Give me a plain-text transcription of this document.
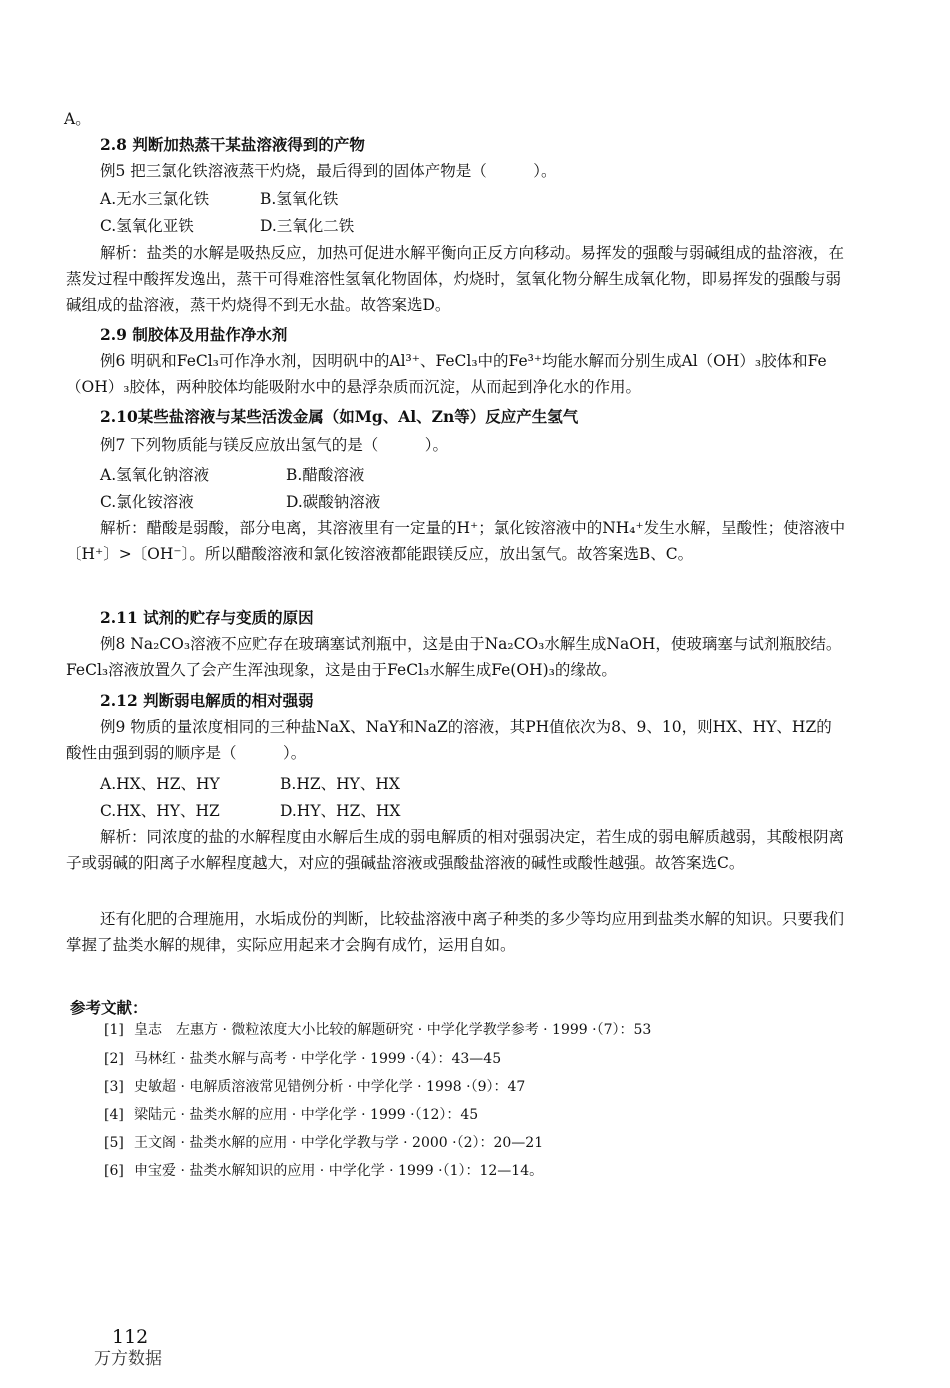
A。
2.8 判断加热蒸干某盐溶液得到的产物
例5 把三氯化铁溶液蒸干灼烧，最后得到的固体产物是（　　　）。
A.无水三氯化铁	B.氢氧化铁
C.氢氧化亚铁	D.三氧化二铁
解析：盐类的水解是吸热反应，加热可促进水解平衡向正反方向移动。易挥发的强酸与弱碱组成的盐溶液，在蒸发过程中酸挥发逸出，蒸干可得难溶性氢氧化物固体，灼烧时，氢氧化物分解生成氧化物，即易挥发的强酸与弱碱组成的盐溶液，蒸干灼烧得不到无水盐。故答案选D。
2.9 制胶体及用盐作净水剂
例6 明矾和FeCl₃可作净水剂，因明矾中的Al³⁺、FeCl₃中的Fe³⁺均能水解而分别生成Al（OH）₃胶体和Fe（OH）₃胶体，两种胶体均能吸附水中的悬浮杂质而沉淀，从而起到净化水的作用。
2.10某些盐溶液与某些活泼金属（如Mg、Al、Zn等）反应产生氢气
例7 下列物质能与镁反应放出氢气的是（　　　）。
A.氢氧化钠溶液	B.醋酸溶液
C.氯化铵溶液	D.碳酸钠溶液
解析：醋酸是弱酸，部分电离，其溶液里有一定量的H⁺；氯化铵溶液中的NH₄⁺发生水解，呈酸性；使溶液中〔H⁺〕>〔OH⁻〕。所以醋酸溶液和氯化铵溶液都能跟镁反应，放出氢气。故答案选B、C。
2.11 试剂的贮存与变质的原因
例8 Na₂CO₃溶液不应贮存在玻璃塞试剂瓶中，这是由于Na₂CO₃水解生成NaOH，使玻璃塞与试剂瓶胶结。FeCl₃溶液放置久了会产生浑浊现象，这是由于FeCl₃水解生成Fe(OH)₃的缘故。
2.12 判断弱电解质的相对强弱
例9 物质的量浓度相同的三种盐NaX、NaY和NaZ的溶液，其PH值依次为8、9、10，则HX、HY、HZ的酸性由强到弱的顺序是（　　　）。
A.HX、HZ、HY	B.HZ、HY、HX
C.HX、HY、HZ	D.HY、HZ、HX
解析：同浓度的盐的水解程度由水解后生成的弱电解质的相对强弱决定，若生成的弱电解质越弱，其酸根阴离子或弱碱的阳离子水解程度越大，对应的强碱盐溶液或强酸盐溶液的碱性或酸性越强。故答案选C。
还有化肥的合理施用，水垢成份的判断，比较盐溶液中离子种类的多少等均应用到盐类水解的知识。只要我们掌握了盐类水解的规律，实际应用起来才会胸有成竹，运用自如。
参考文献：
[1] 皇志　左惠方 · 微粒浓度大小比较的解题研究 · 中学化学教学参考 · 1999 ·（7）：53
[2] 马林红 · 盐类水解与高考 · 中学化学 · 1999 ·（4）：43—45
[3] 史敏超 · 电解质溶液常见错例分析 · 中学化学 · 1998 ·（9）：47
[4] 梁陆元 · 盐类水解的应用 · 中学化学 · 1999 ·（12）：45
[5] 王文阁 · 盐类水解的应用 · 中学化学教与学 · 2000 ·（2）：20—21
[6] 申宝爱 · 盐类水解知识的应用 · 中学化学 · 1999 ·（1）：12—14。
112
万方数据
